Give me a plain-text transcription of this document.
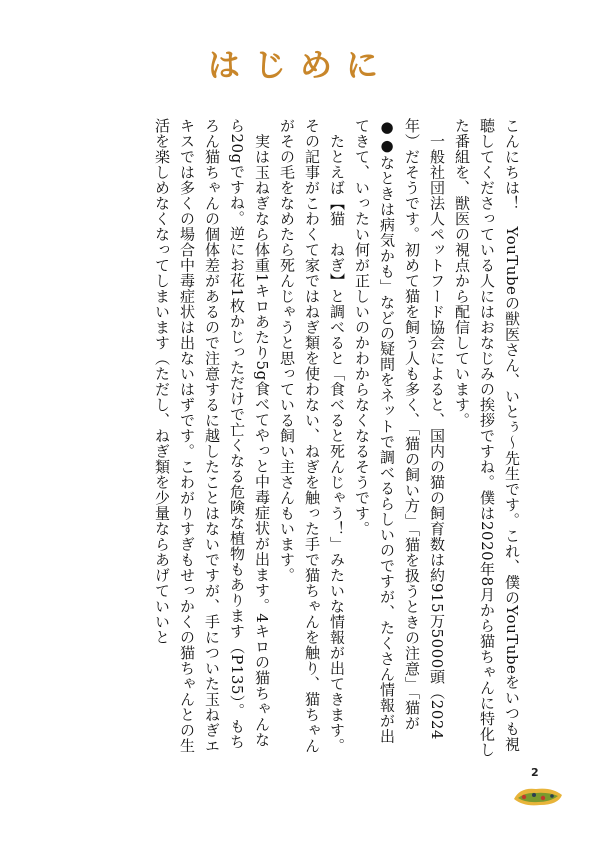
はじめに

こんにちは！　YouTubeの獣医さん、いとぅ～先生です。これ、僕のYouTubeをいつも視聴してくださっている人にはおなじみの挨拶ですね。僕は2020年8月から猫ちゃんに特化した番組を、獣医の視点から配信しています。

　一般社団法人ペットフード協会によると、国内の猫の飼育数は約915万5000頭（2024年）だそうです。初めて猫を飼う人も多く、「猫の飼い方」「猫を扱うときの注意」「猫が●●なときは病気かも」などの疑問をネットで調べるらしいのですが、たくさん情報が出てきて、いったい何が正しいのかわからなくなるそうです。

　たとえば【猫　ねぎ】と調べると「食べると死んじゃう！」みたいな情報が出てきます。その記事がこわくて家ではねぎ類を使わない、ねぎを触った手で猫ちゃんを触り、猫ちゃんがその毛をなめたら死んじゃうと思っている飼い主さんもいます。

　実は玉ねぎなら体重1キロあたり5g食べてやっと中毒症状が出ます。4キロの猫ちゃんなら20gですね。逆にお花1枚かじっただけで亡くなる危険な植物もあります（P135）。もちろん猫ちゃんの個体差があるので注意するに越したことはないですが、手についた玉ねぎエキスでは多くの場合中毒症状は出ないはずです。こわがりすぎもせっかくの猫ちゃんとの生活を楽しめなくなってしまいます（ただし、ねぎ類を少量ならあげていいと

2
